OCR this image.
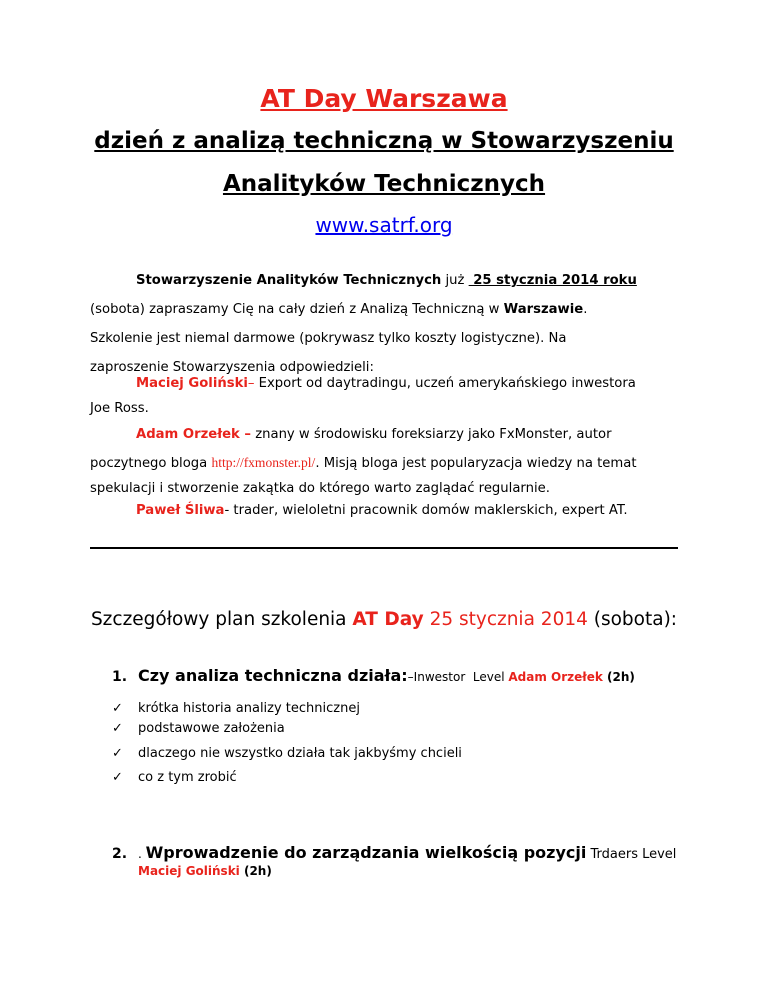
AT Day Warszawa
dzień z analizą techniczną w Stowarzyszeniu
Analityków Technicznych
www.satrf.org
Stowarzyszenie Analityków Technicznych już  25 stycznia 2014 roku
(sobota) zapraszamy Cię na cały dzień z Analizą Techniczną w Warszawie.
Szkolenie jest niemal darmowe (pokrywasz tylko koszty logistyczne). Na
zaproszenie Stowarzyszenia odpowiedzieli:
Maciej Goliński– Export od daytradingu, uczeń amerykańskiego inwestora
Joe Ross.
Adam Orzełek – znany w środowisku foreksiarzy jako FxMonster, autor
poczytnego bloga http://fxmonster.pl/. Misją bloga jest popularyzacja wiedzy na temat
spekulacji i stworzenie zakątka do którego warto zaglądać regularnie.
Paweł Śliwa- trader, wieloletni pracownik domów maklerskich, expert AT.
Szczegółowy plan szkolenia AT Day 25 stycznia 2014 (sobota):
1. Czy analiza techniczna działa:–Inwestor  Level Adam Orzełek (2h)
✓ krótka historia analizy technicznej
✓ podstawowe założenia
✓ dlaczego nie wszystko działa tak jakbyśmy chcieli
✓ co z tym zrobić
2. . Wprowadzenie do zarządzania wielkością pozycji Trdaers Level
Maciej Goliński (2h)
